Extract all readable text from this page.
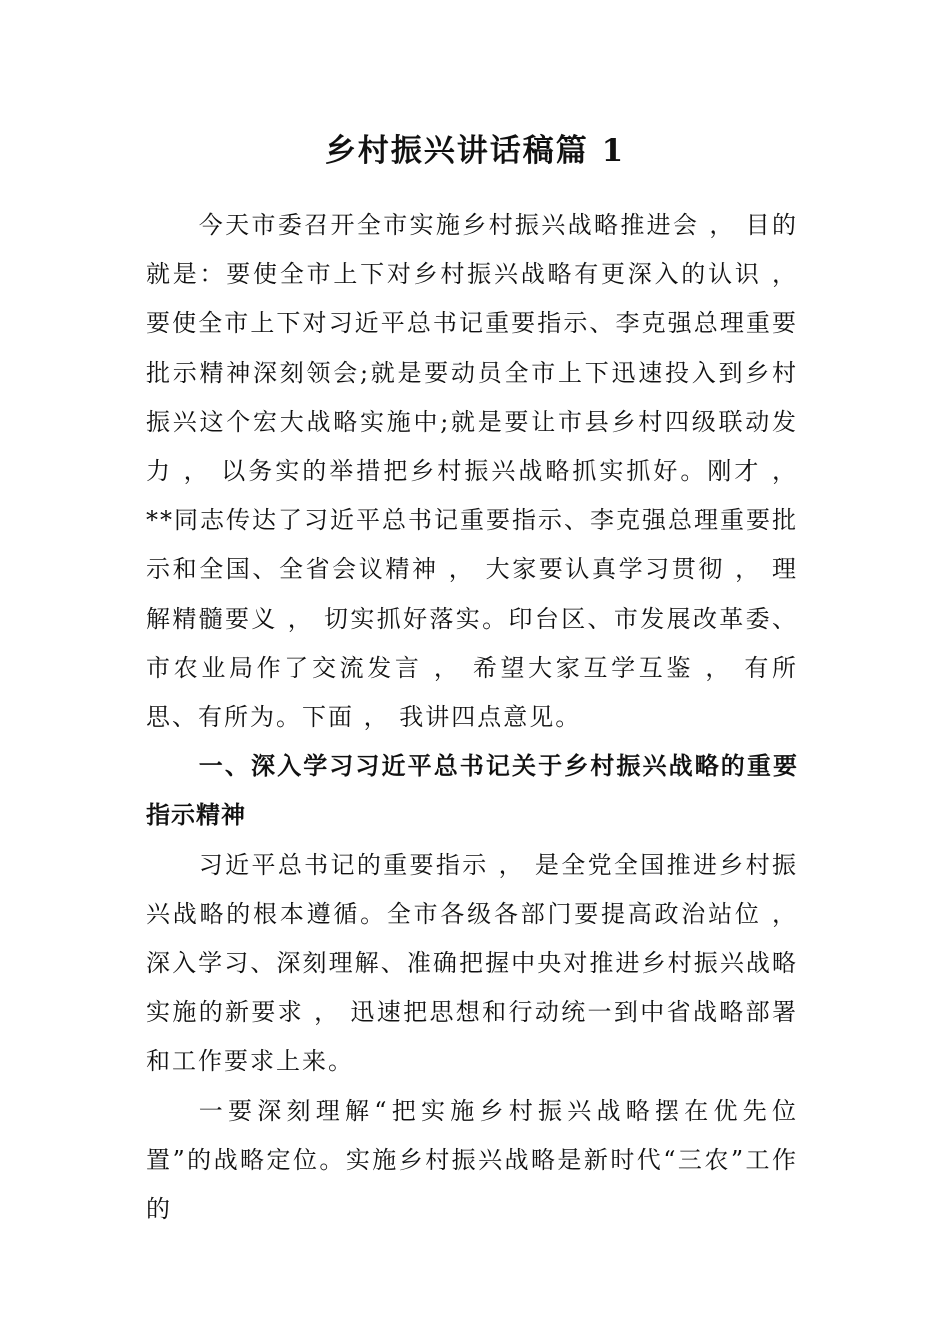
乡村振兴讲话稿篇 1

今天市委召开全市实施乡村振兴战略推进会 ， 目的就是：要使全市上下对乡村振兴战略有更深入的认识 ，要使全市上下对习近平总书记重要指示、李克强总理重要批示精神深刻领会;就是要动员全市上下迅速投入到乡村振兴这个宏大战略实施中;就是要让市县乡村四级联动发力 ， 以务实的举措把乡村振兴战略抓实抓好。刚才 ， **同志传达了习近平总书记重要指示、李克强总理重要批示和全国、全省会议精神 ， 大家要认真学习贯彻 ， 理解精髓要义 ， 切实抓好落实。印台区、市发展改革委、市农业局作了交流发言 ， 希望大家互学互鉴 ， 有所思、有所为。下面 ， 我讲四点意见。

一、深入学习习近平总书记关于乡村振兴战略的重要指示精神

习近平总书记的重要指示 ， 是全党全国推进乡村振兴战略的根本遵循。全市各级各部门要提高政治站位 ，深入学习、深刻理解、准确把握中央对推进乡村振兴战略实施的新要求 ， 迅速把思想和行动统一到中省战略部署和工作要求上来。

一要深刻理解“把实施乡村振兴战略摆在优先位置”的战略定位。实施乡村振兴战略是新时代“三农”工作的
